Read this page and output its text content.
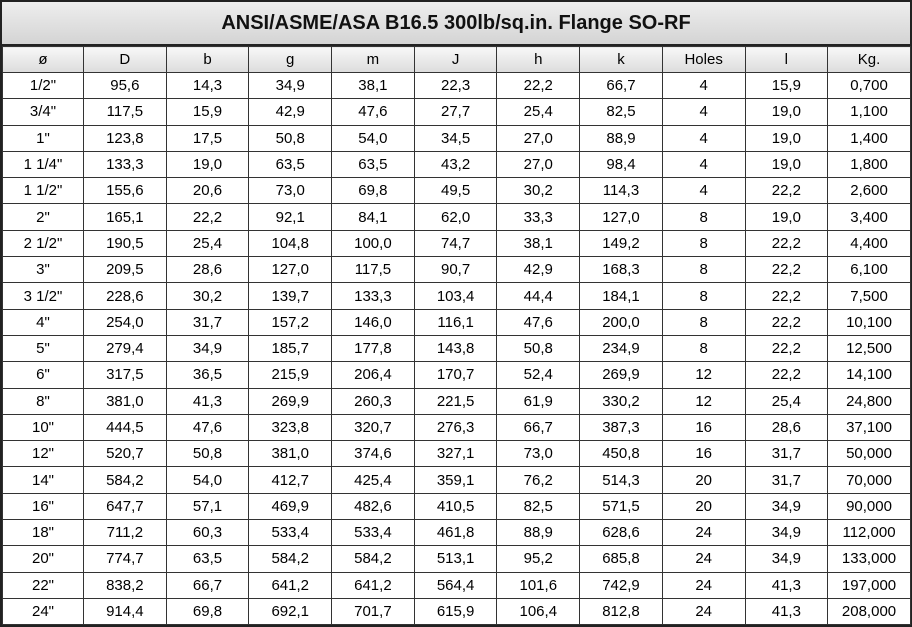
ANSI/ASME/ASA B16.5 300lb/sq.in. Flange SO-RF
ø	D	b	g	m	J	h	k	Holes	l	Kg.
1/2"	95,6	14,3	34,9	38,1	22,3	22,2	66,7	4	15,9	0,700
3/4"	117,5	15,9	42,9	47,6	27,7	25,4	82,5	4	19,0	1,100
1"	123,8	17,5	50,8	54,0	34,5	27,0	88,9	4	19,0	1,400
1 1/4"	133,3	19,0	63,5	63,5	43,2	27,0	98,4	4	19,0	1,800
1 1/2"	155,6	20,6	73,0	69,8	49,5	30,2	114,3	4	22,2	2,600
2"	165,1	22,2	92,1	84,1	62,0	33,3	127,0	8	19,0	3,400
2 1/2"	190,5	25,4	104,8	100,0	74,7	38,1	149,2	8	22,2	4,400
3"	209,5	28,6	127,0	117,5	90,7	42,9	168,3	8	22,2	6,100
3 1/2"	228,6	30,2	139,7	133,3	103,4	44,4	184,1	8	22,2	7,500
4"	254,0	31,7	157,2	146,0	116,1	47,6	200,0	8	22,2	10,100
5"	279,4	34,9	185,7	177,8	143,8	50,8	234,9	8	22,2	12,500
6"	317,5	36,5	215,9	206,4	170,7	52,4	269,9	12	22,2	14,100
8"	381,0	41,3	269,9	260,3	221,5	61,9	330,2	12	25,4	24,800
10"	444,5	47,6	323,8	320,7	276,3	66,7	387,3	16	28,6	37,100
12"	520,7	50,8	381,0	374,6	327,1	73,0	450,8	16	31,7	50,000
14"	584,2	54,0	412,7	425,4	359,1	76,2	514,3	20	31,7	70,000
16"	647,7	57,1	469,9	482,6	410,5	82,5	571,5	20	34,9	90,000
18"	711,2	60,3	533,4	533,4	461,8	88,9	628,6	24	34,9	112,000
20"	774,7	63,5	584,2	584,2	513,1	95,2	685,8	24	34,9	133,000
22"	838,2	66,7	641,2	641,2	564,4	101,6	742,9	24	41,3	197,000
24"	914,4	69,8	692,1	701,7	615,9	106,4	812,8	24	41,3	208,000
